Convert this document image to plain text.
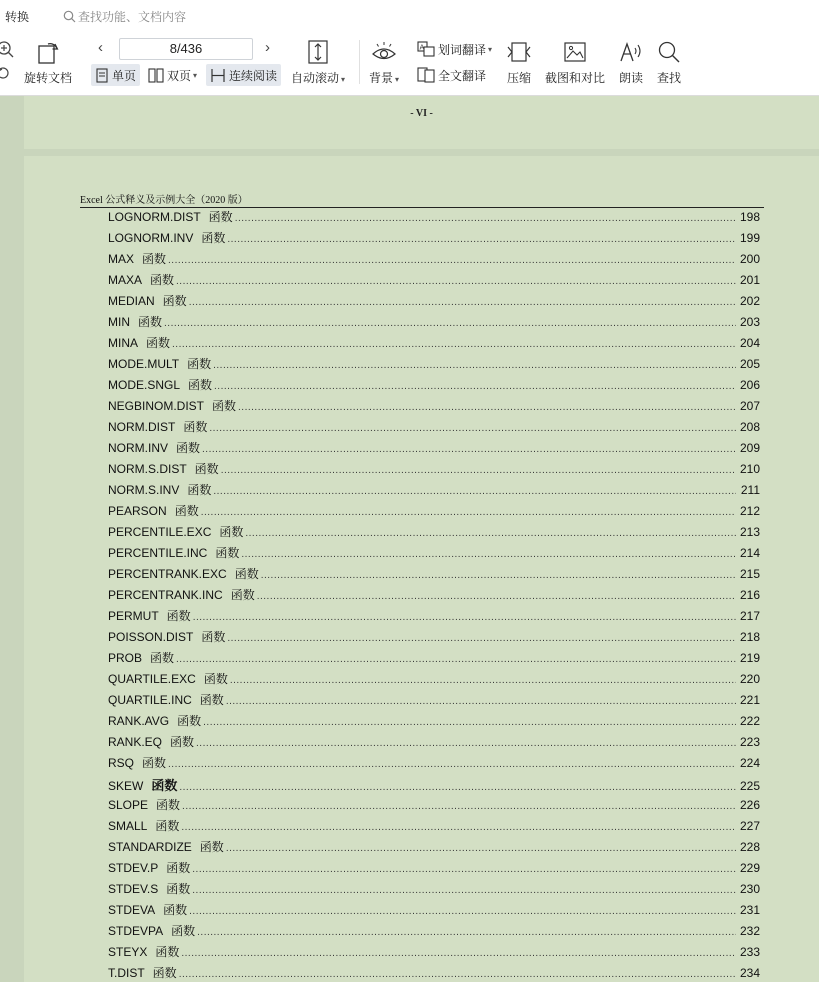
转换	查找功能、文档内容
旋转文档
‹	8/436	›
单页	双页 ▾	连续阅读 自动滚动 ▾ 背景 ▾
A 划词翻译 ▾
全文翻译 压缩 截图和对比 朗读 查找
- VI -
Excel 公式释义及示例大全（2020 版）
LOGNORM.DIST 函数 .....	198
LOGNORM.INV 函数 .....	199
MAX 函数 .....	200
MAXA 函数 .....	201
MEDIAN 函数 .....	202
MIN 函数 .....	203
MINA 函数 .....	204
MODE.MULT 函数 .....	205
MODE.SNGL 函数 .....	206
NEGBINOM.DIST 函数 .....	207
NORM.DIST 函数 .....	208
NORM.INV 函数 .....	209
NORM.S.DIST 函数 .....	210
NORM.S.INV 函数 .....	211
PEARSON 函数 .....	212
PERCENTILE.EXC 函数 .....	213
PERCENTILE.INC 函数 .....	214
PERCENTRANK.EXC 函数 .....	215
PERCENTRANK.INC 函数 .....	216
PERMUT 函数 .....	217
POISSON.DIST 函数 .....	218
PROB 函数 .....	219
QUARTILE.EXC 函数 .....	220
QUARTILE.INC 函数 .....	221
RANK.AVG 函数 .....	222
RANK.EQ 函数 .....	223
RSQ 函数 .....	224
SKEW 函数 .....	225
SLOPE 函数 .....	226
SMALL 函数 .....	227
STANDARDIZE 函数 .....	228
STDEV.P 函数 .....	229
STDEV.S 函数 .....	230
STDEVA 函数 .....	231
STDEVPA 函数 .....	232
STEYX 函数 .....	233
T.DIST 函数 .....	234
